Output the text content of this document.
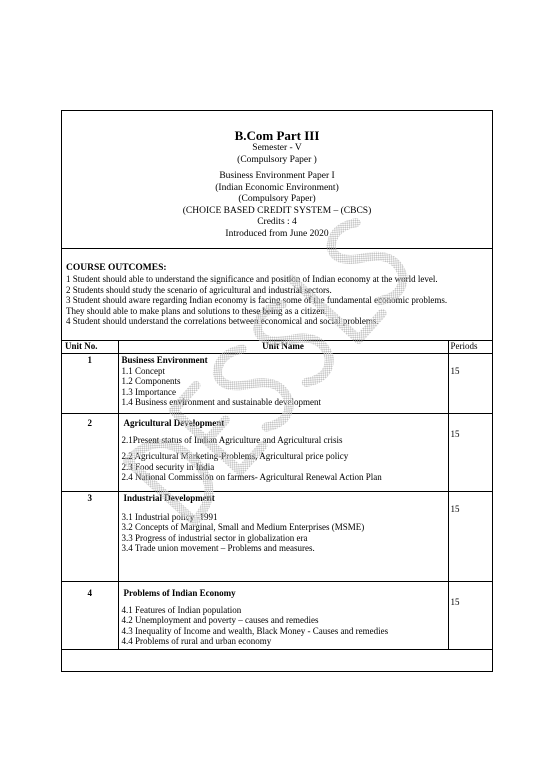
B.Com Part III
Semester - V
(Compulsory Paper )
Business Environment Paper I
(Indian Economic Environment)
(Compulsory Paper)
(CHOICE BASED CREDIT SYSTEM – (CBCS)
Credits : 4
Introduced from June 2020
COURSE OUTCOMES:
1 Student should able to understand the significance and position of Indian economy at the world level.
2 Students should study the scenario of agricultural and industrial sectors.
3 Student should aware regarding Indian economy is facing some of the fundamental economic problems.
They should able to make plans and solutions to these being as a citizen.
4 Student should understand the correlations between economical and social problems.
Unit No.	Unit Name	Periods
1	Business Environment
1.1 Concept
1.2 Components
1.3 Importance
1.4 Business environment and sustainable development	15

2	Agricultural Development
2.1Present status of Indian Agriculture and Agricultural crisis
2.2 Agricultural Marketing-Problems, Agricultural price policy
2.3 Food security in India
2.4 National Commission on farmers- Agricultural Renewal Action Plan	15

3	Industrial Development
3.1 Industrial policy -1991
3.2 Concepts of Marginal, Small and Medium Enterprises (MSME)
3.3 Progress of industrial sector in globalization era
3.4 Trade union movement – Problems and measures.	15

4	Problems of Indian Economy
4.1 Features of Indian population
4.2 Unemployment and poverty – causes and remedies
4.3 Inequality of Income and wealth, Black Money - Causes and remedies
4.4 Problems of rural and urban economy	15
